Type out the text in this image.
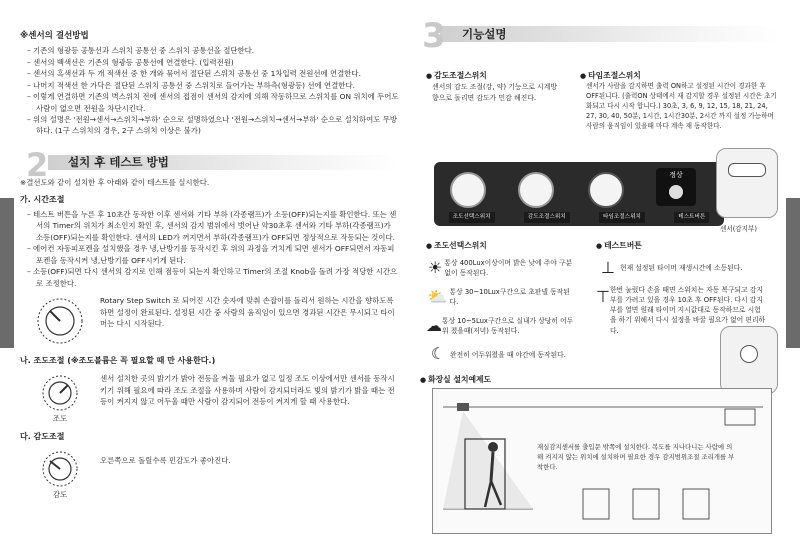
※센서의 결선방법
– 기존의 형광등 공통선과 스위치 공통선 중 스위치 공통선을 절단한다.
– 센서의 백색선은 기존의 형광등 공통선에 연결한다. (입력전원)
– 센서의 흑색선과 두 개 적색선 중 한 개와 묶어서 절단된 스위치 공통선 중 1차입력 전원선에 연결한다.
– 나머지 적색선 한 가닥은 절단된 스위치 공통선 중 스위치로 들어가는 부하측(형광등) 선에 연결한다.
– 이렇게 연결하면 기존의 벽스위치 전에 센서의 접점이 센서의 감지에 의해 작동하므로 스위치를 ON 위치에 두어도 사람이 없으면 전원을 차단시킨다.
– 위의 설명은 '전원→센서→스위치→부하' 순으로 설명하였으나 '전원→스위치→센서→부하' 순으로 설치하여도 무방하다. (1구 스위치의 경우, 2구 스위치 이상은 불가)
2 설치 후 테스트 방법
※결선도와 같이 설치한 후 아래와 같이 테스트를 실시한다.
가. 시간조절
– 테스트 버튼을 누른 후 10초간 동작한 이후 센서와 기타 부하 (각종램프)가 소등(OFF)되는지를 확인한다. 또는 센서의 Timer의 위치가 최소인지 확인 후, 센서의 감지 범위에서 벗어난 약30초후 센서와 기타 부하(각종램프)가 소등(OFF)되는지를 확인한다. 센서의 LED가 꺼지면서 부하(각종램프)가 OFF되면 정상적으로 작동되는 것이다.
– 에어컨 자동피포켄을 설치했을 경우 냉,난방기를 동작시킨 후 위의 과정을 거치게 되면 센서가 OFF되면서 자동피포켄을 동작시켜 냉,난방기를 OFF시키게 된다.
– 소등(OFF)되면 다시 센서의 감지로 인해 점등이 되는지 확인하고 Timer의 조절 Knob을 돌려 가장 적당한 시간으로 조정한다.
Rotary Step Switch 로 되어진 시간 숫자에 맞춰 손잡이를 돌리서 원하는 시간을 향하도록 하면 설정이 완료된다. 설정된 시간 중 사람의 움직임이 있으면 경과된 시간은 무시되고 타이머는 다시 시작된다.
나. 조도조절 (※조도볼륨은 꼭 필요할 때 만 사용한다.)
조도
센서 설치한 곳의 밝기가 밝아 전등을 켜둘 필요가 없고 일정 조도 이상에서만 센서를 동작시키기 위해 필요에 따라 조도 조절을 사용하며 사람이 감지되더라도 빛의 밝기가 밝을 때는 전등이 켜지지 않고 어두울 때만 사람이 감지되어 전등이 켜지게 할 때 사용한다.
다. 감도조절
감도
오른쪽으로 돌릴수록 민감도가 좋아진다.
3 기능설명
● 감도조절스위치
센서의 감도 조절(강, 약) 기능으로 시계방향으로 돌리면 감도가 민감 해진다.
● 타임조절스위치
센서가 사람을 감지하면 출력 ON하고 설정된 시간이 경과한 후 OFF된니다. (출력ON 상태에서 재 감지할 경우 설정된 시간은 초기화되고 다시 시작 합니다.) 30초, 3, 6, 9, 12, 15, 18, 21, 24, 27, 30, 40, 50분, 1시간, 1시간30분, 2시간 까지 설정 가능하며 사람의 움직임이 있을때 마다 계속 재 동작한다.
정상
조도선택스위치	감도조절스위치	타임조절스위치	테스트버튼
센서(감지부)
● 조도선택스위치
☀ 통상 400Lux이상이며 밝은 낮에 주야 구분없이 동작된다.
⛅ 통상 30~10Lux구간으로 초판넬 동작된다.
☁ 통상 10~5Lux구간으로 실내가 상당히 어두워 졌을때(저녁) 동작된다.
☾ 완전히 어두워졌을 때 야간에 동작된다.
● 테스트버튼
⊥ 현재 설정된 타이머 재생시간에 소등된다.
⊤ 한번 눌렀다 손을 때면 스위치는 자동 복구되고 감지부를 가려고 있을 경우 10초 후 OFF된다. 다시 감지부를 열면 원래 타이머 지시값대로 동작하므로 시험을 하기 위해서 다시 설정을 바꿀 필요가 없어 편리하다.
● 화장실 설치예제도
재실감지센서를 출입문 밖쪽에 설치한다. 복도를 지나다니는 사람에 의해 켜지지 않는 위치에 설치하며 필요한 경우 감지범위조절 조리개를 부착한다.
